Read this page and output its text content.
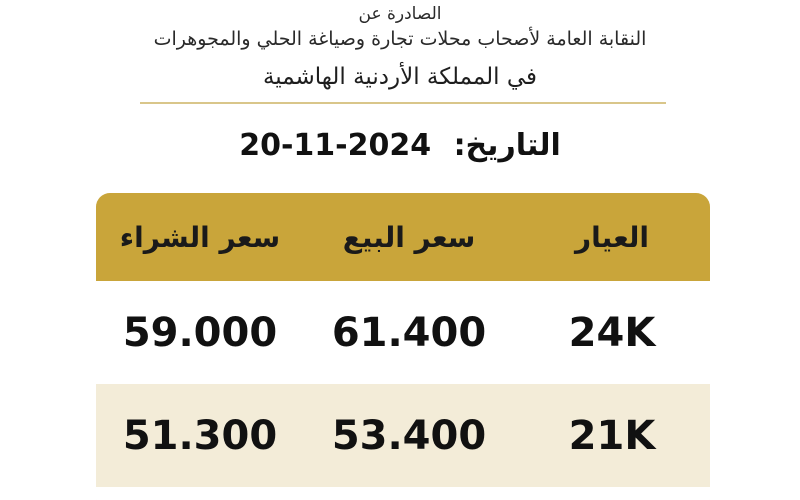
الصادرة عن
النقابة العامة لأصحاب محلات تجارة وصياغة الحلي والمجوهرات
في المملكة الأردنية الهاشمية
التاريخ: 20-11-2024
العيار
سعر البيع
سعر الشراء
24K
61.400
59.000
21K
53.400
51.300
